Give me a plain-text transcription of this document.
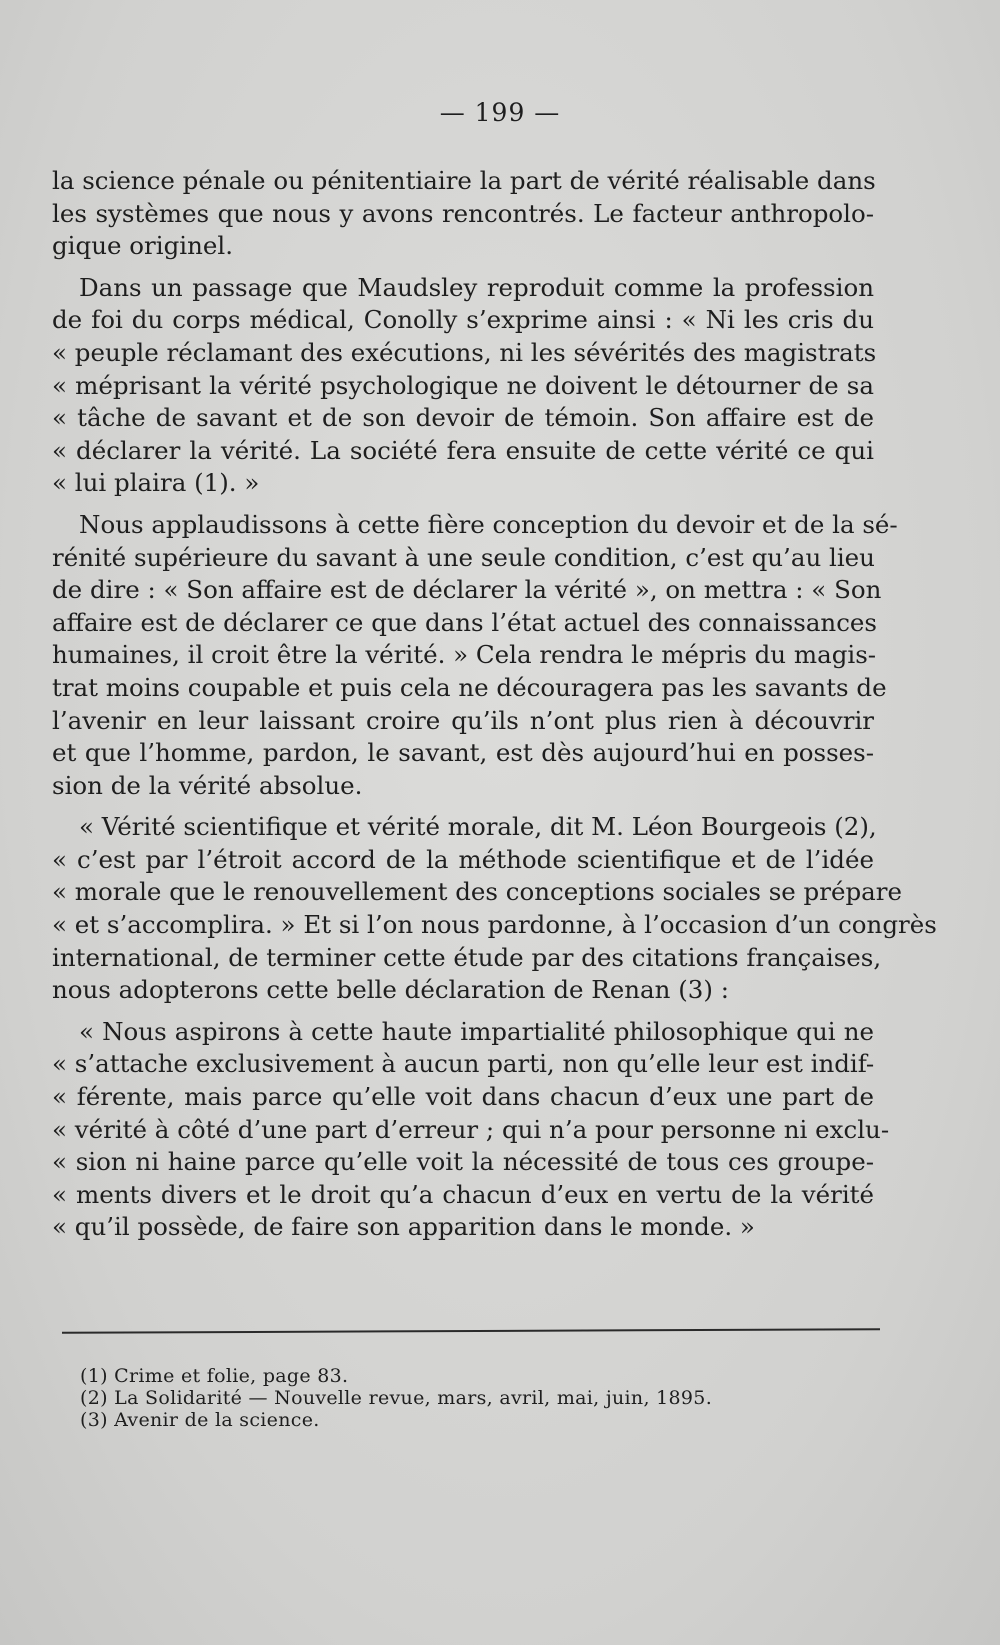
— 199 —
la science pénale ou pénitentiaire la part de vérité réalisable dans
les systèmes que nous y avons rencontrés. Le facteur anthropolo-
gique originel.
Dans un passage que Maudsley reproduit comme la profession
de foi du corps médical, Conolly s’exprime ainsi : « Ni les cris du
« peuple réclamant des exécutions, ni les sévérités des magistrats
« méprisant la vérité psychologique ne doivent le détourner de sa
« tâche de savant et de son devoir de témoin. Son affaire est de
« déclarer la vérité. La société fera ensuite de cette vérité ce qui
« lui plaira (1). »
Nous applaudissons à cette fière conception du devoir et de la sé-
rénité supérieure du savant à une seule condition, c’est qu’au lieu
de dire : « Son affaire est de déclarer la vérité », on mettra : « Son
affaire est de déclarer ce que dans l’état actuel des connaissances
humaines, il croit être la vérité. » Cela rendra le mépris du magis-
trat moins coupable et puis cela ne découragera pas les savants de
l’avenir en leur laissant croire qu’ils n’ont plus rien à découvrir
et que l’homme, pardon, le savant, est dès aujourd’hui en posses-
sion de la vérité absolue.
« Vérité scientifique et vérité morale, dit M. Léon Bourgeois (2),
« c’est par l’étroit accord de la méthode scientifique et de l’idée
« morale que le renouvellement des conceptions sociales se prépare
« et s’accomplira. » Et si l’on nous pardonne, à l’occasion d’un congrès
international, de terminer cette étude par des citations françaises,
nous adopterons cette belle déclaration de Renan (3) :
« Nous aspirons à cette haute impartialité philosophique qui ne
« s’attache exclusivement à aucun parti, non qu’elle leur est indif-
« férente, mais parce qu’elle voit dans chacun d’eux une part de
« vérité à côté d’une part d’erreur ; qui n’a pour personne ni exclu-
« sion ni haine parce qu’elle voit la nécessité de tous ces groupe-
« ments divers et le droit qu’a chacun d’eux en vertu de la vérité
« qu’il possède, de faire son apparition dans le monde. »
(1) Crime et folie, page 83.
(2) La Solidarité — Nouvelle revue, mars, avril, mai, juin, 1895.
(3) Avenir de la science.
